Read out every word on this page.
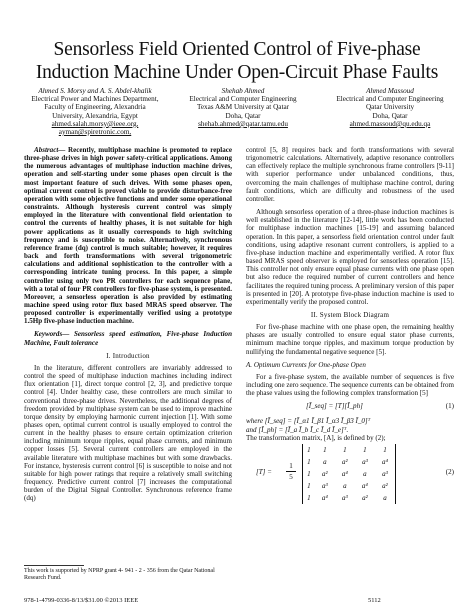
Sensorless Field Oriented Control of Five-phase
Induction Machine Under Open-Circuit Phase Faults
Ahmed S. Morsy and A. S. Abdel-khalik
Electrical Power and Machines Department,
Faculty of Engineering, Alexandria
University, Alexandria, Egypt
ahmed.salah.morsy@ieee.org,
ayman@spiretronic.com,
Shehab Ahmed
Electrical and Computer Engineering
Texas A&M University at Qatar
Doha, Qatar
shehab.ahmed@qatar.tamu.edu
Ahmed Massoud
Electrical and Computer Engineering
Qatar University
Doha, Qatar
ahmed.massoud@qu.edu.qa

Abstract— Recently, multiphase machine is promoted to replace three-phase drives in high power safety-critical applications. Among the numerous advantages of multiphase induction machine drives, operation and self-starting under some phases open circuit is the most important feature of such drives. With some phases open, optimal current control is proved viable to provide disturbance-free operation with some objective functions and under some operational constraints. Although hysteresis current control was simply employed in the literature with conventional field orientation to control the currents of healthy phases, it is not suitable for high power applications as it usually corresponds to high switching frequency and is susceptible to noise. Alternatively, synchronous reference frame (dq) control is much suitable; however, it requires back and forth transformations with several trigonometric calculations and additional sophistication to the controller with a corresponding intricate tuning process. In this paper, a simple controller using only two PR controllers for each sequence plane, with a total of four PR controllers for five-phase system, is presented. Moreover, a sensorless operation is also provided by estimating machine speed using rotor flux based MRAS speed observer. The proposed controller is experimentally verified using a prototype 1.5Hp five-phase induction machine.

Keywords— Sensorless speed estimation, Five-phase Induction Machine, Fault tolerance

I. Introduction

In the literature, different controllers are invariably addressed to control the speed of multiphase induction machines including indirect flux orientation [1], direct torque control [2, 3], and predictive torque control [4]. Under healthy case, these controllers are much similar to conventional three-phase drives. Nevertheless, the additional degrees of freedom provided by multiphase system can be used to improve machine torque density by employing harmonic current injection [1]. With some phases open, optimal current control is usually employed to control the current in the healthy phases to ensure certain optimization criterion including minimum torque ripples, equal phase currents, and minimum copper losses [5]. Several current controllers are employed in the available literature with multiphase machines but with some drawbacks. For instance, hysteresis current control [6] is susceptible to noise and not suitable for high power ratings that require a relatively small switching frequency. Predictive current control [7] increases the computational burden of the Digital Signal Controller. Synchronous reference frame (dq)

control [5, 8] requires back and forth transformations with several trigonometric calculations. Alternatively, adaptive resonance controllers can effectively replace the multiple synchronous frame controllers [9-11] with superior performance under unbalanced conditions, thus, overcoming the main challenges of multiphase machine control, during fault conditions, which are difficulty and robustness of the used controller.

Although sensorless operation of a three-phase induction machines is well established in the literature [12-14], little work has been conducted for multiphase induction machines [15-19] and assuming balanced operation. In this paper, a sensorless field orientation control under fault conditions, using adaptive resonant current controllers, is applied to a five-phase induction machine and experimentally verified. A rotor flux based MRAS speed observer is employed for sensorless operation [15]. This controller not only ensure equal phase currents with one phase open but also reduce the required number of current controllers and hence facilitates the required tuning process. A preliminary version of this paper is presented in [20]. A prototype five-phase induction machine is used to experimentally verify the proposed control.

II. System Block Diagram

For five-phase machine with one phase open, the remaining healthy phases are usually controlled to ensure equal stator phase currents, minimum machine torque ripples, and maximum torque production by nullifying the fundamental negative sequence [5].

A. Optimum Currents for One-phase Open

For a five-phase system, the available number of sequences is five including one zero sequence. The sequence currents can be obtained from the phase values using the following complex transformation [5]

[Ī_seq] = [T][Ī_ph]	(1)
where [Ī_seq] = [Ī_α1 Ī_β1 Ī_α3 Ī_β3 Ī_0]ᵀ
and [Ī_ph] = [Ī_a Ī_b Ī_c Ī_d Ī_e]ᵀ.
The transformation matrix, [A], is defined by (2);
[T] =
1
5
1	1	1	1	1
1	a	a²	a³	a⁴
1	a²	a⁴	a	a³
1	a³	a	a⁴	a²
1	a⁴	a³	a²	a
(2)
This work is supported by NPRP grant 4- 941 - 2 - 356 from the Qatar National Research Fund.
978-1-4799-0336-8/13/$31.00 ©2013 IEEE	5112
